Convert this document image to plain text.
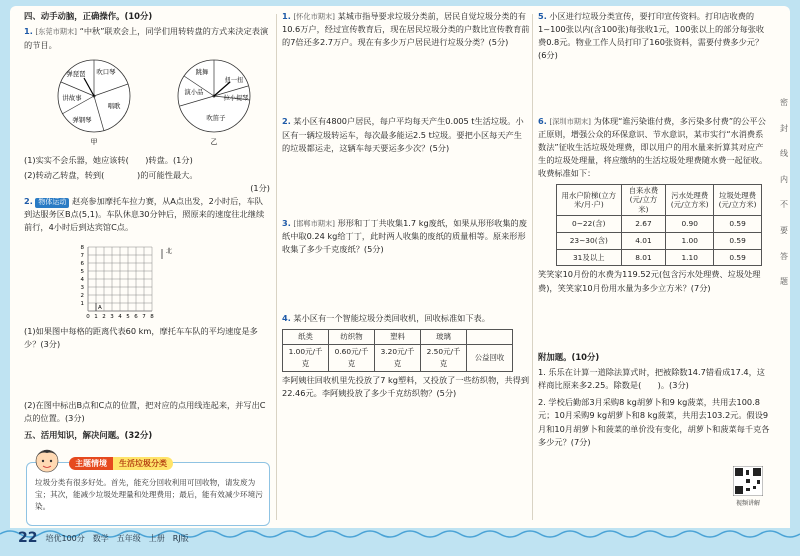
四、动手动脑，正确操作。(10分)
1. [东莞市期末] “中秋”联欢会上，同学们用转转盘的方式来決定表演的节目。
吹口琴
弹琵琶
唱歌
弹钢琴
讲故事
甲
跳舞
演小品
扭一扭
拉小提琴
吹笛子
乙
(1)实实不会乐器，她应该转(　　)转盘。(1分)
(2)转动乙转盘，转到(　　　　)的可能性最大。
(1分)
2. 物体运动 赵亮参加摩托车拉力赛，从A点出发，2小时后，车队到达服务区B点(5,1)。车队休息30分钟后，照原来的速度往北继续前行，4小时后到达宾馆C点。
0 1 2 3 4 5 6 7 8
1
2
3
4
5
6
7
8	北
A
(1)如果图中每格的距离代表60 km，摩托车车队的平均速度是多少？(3分)
(2)在图中标出B点和C点的位置，把对应的点用线连起来，并写出C点的位置。(3分)
五、活用知识，解决问题。(32分)
主题情境	生活垃圾分类
垃圾分类有很多好处。首先，能充分回收利用可回收物，请发废为宝；其次，能减少垃圾处理量和处理费用；最后，能有效减少环境污染。
1. [怀化市期末] 某城市指导要求垃圾分类前，居民自觉垃圾分类的有10.6万户，经过宣传教育后，现在居民垃圾分类的户数比宣传教育前的7倍还多2.7万户。现在有多少万户居民进行垃圾分类？(5分)
2. 某小区有4800户居民，每户平均每天产生0.005 t生活垃圾。小区有一辆垃圾转运车，每次最多能运2.5 t垃圾。要把小区每天产生的垃圾都运走，这辆车每天要运多少次？(5分)
3. [邯郸市期末] 形形和丁丁共收集1.7 kg废纸，如果从形形收集的废纸中取0.24 kg给丁丁，此时两人收集的废纸的质量相等。原来形形收集了多少千克废纸？(5分)
4. 某小区有一个智能垃圾分类回收机，回收标准如下表。
纸类	纺织物	塑料	玻璃	
1.00元/千克	0.60元/千克	3.20元/千克	2.50元/千克	公益回收
李阿姨往回收机里先投放了7 kg塑料，又投放了一些纺织物，共得到22.46元。李阿姨投放了多少千克纺织物？(5分)
5. 小区进行垃圾分类宣传，要打印宣传资料。打印店收费的1~100张以内(含100张)每张收1元，100张以上的部分每张收费0.8元。物业工作人员打印了160张资料，需要付费多少元？(6分)
6. [深圳市期末] 为体现“谁污染谁付费，多污染多付费”的公平公正原则，增强公众的环保意识、节水意识，某市实行“水消费系数法”征收生活垃圾处理费，即以用户的用水量来折算其对应产生的垃圾处理量，将应缴纳的生活垃圾处理费随水费一起征收。收费标准如下：
用水户阶梯(立方米/月·户)	自来水费(元/立方米)	污水处理费(元/立方米)	垃圾处理费(元/立方米)
0~22(含)	2.67	0.90	0.59
23~30(含)	4.01	1.00	0.59
31及以上	8.01	1.10	0.59
笑笑家10月份的水费为119.52元(包含污水处理费、垃圾处理费)，笑笑家10月份用水量为多少立方米？(7分)
附加题。(10分)
1. 乐乐在计算一道除法算式时，把被除数14.7错看成17.4，这样商比原来多2.25。除数是(　　)。(3分)
2. 学校后勤部3月采购8 kg胡萝卜和9 kg菠菜，共用去100.8元；10月采购9 kg胡萝卜和8 kg菠菜，共用去103.2元。假设9月和10月胡萝卜和菠菜的单价没有变化，胡萝卜和菠菜每千克各多少元？(7分)
视频讲解
密
封
线
内
不
要
答
题
22 培优100分　数学　五年级　上册　RJ版
